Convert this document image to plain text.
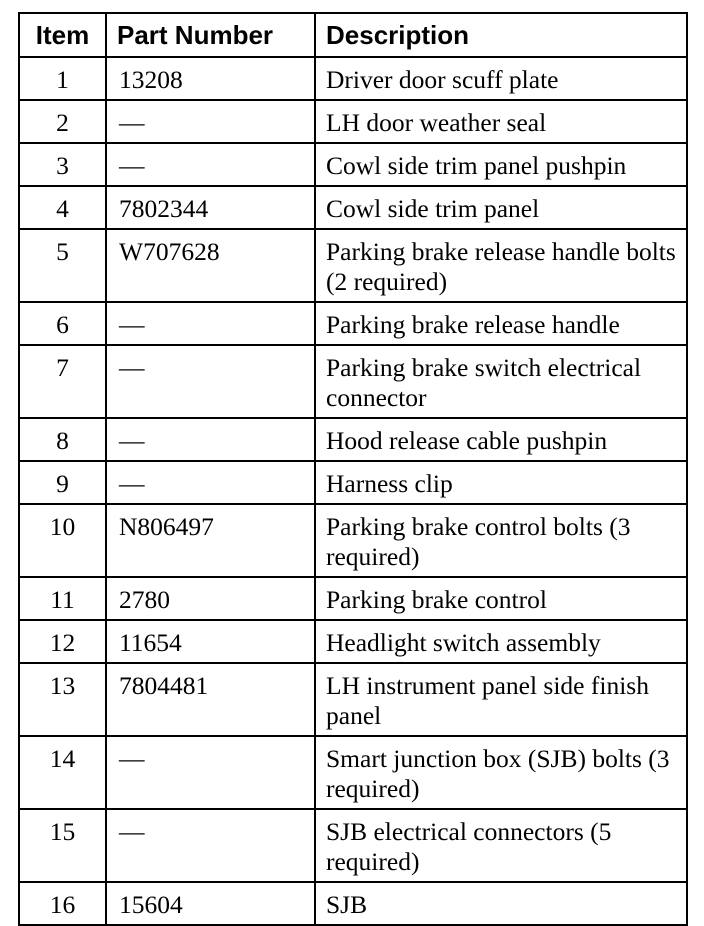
Item	Part Number	Description
1	13208	Driver door scuff plate
2	—	LH door weather seal
3	—	Cowl side trim panel pushpin
4	7802344	Cowl side trim panel
5	W707628	Parking brake release handle bolts (2 required)
6	—	Parking brake release handle
7	—	Parking brake switch electrical connector
8	—	Hood release cable pushpin
9	—	Harness clip
10	N806497	Parking brake control bolts (3 required)
11	2780	Parking brake control
12	11654	Headlight switch assembly
13	7804481	LH instrument panel side finish panel
14	—	Smart junction box (SJB) bolts (3 required)
15	—	SJB electrical connectors (5 required)
16	15604	SJB
